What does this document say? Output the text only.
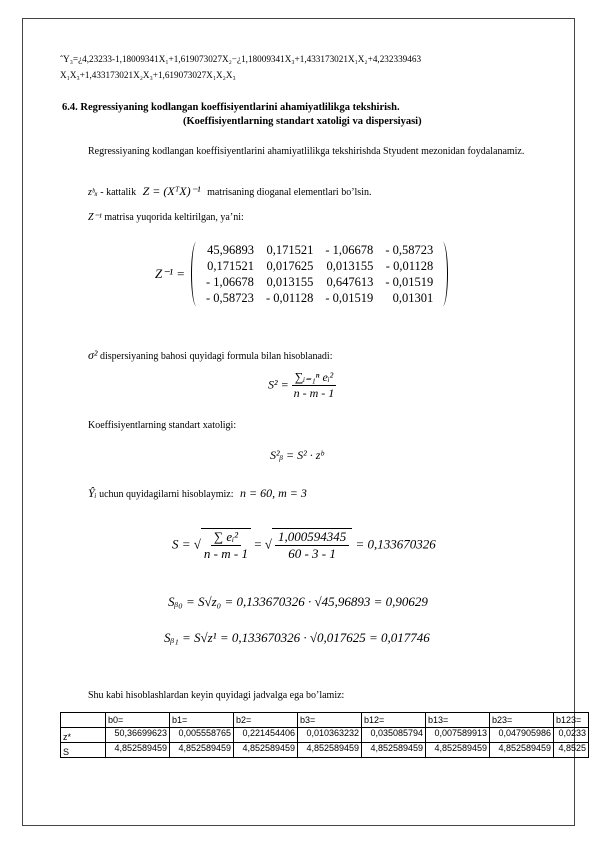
ˆY₃=¿4,23233-1,18009341X₁+1,619073027X₂−¿1,18009341X₃+1,433173021X₁X₂+4,232339463
X₁X₃+1,433173021X₂X₃+1,619073027X₁X₂X₃
6.4. Regressiyaning kodlangan koeffisiyentlarini ahamiyatlilikga tekshirish.
(Koeffisiyentlarning standart xatoligi va dispersiyasi)
Regressiyaning kodlangan koeffisiyentlarini ahamiyatlilikga tekshirishda Styudent mezonidan foydalanamiz.
zᵇᵢᵢ - kattalik Z = (XᵀX)⁻¹ matrisaning dioganal elementlari bo’lsin.
Z⁻¹ matrisa yuqorida keltirilgan, ya’ni:
Z⁻¹ =
45,96893	0,171521	- 1,06678	- 0,58723
0,171521	0,017625	0,013155	- 0,01128
- 1,06678	0,013155	0,647613	- 0,01519
- 0,58723	- 0,01128	- 0,01519	0,01301
σ² dispersiyaning bahosi quyidagi formula bilan hisoblanadi:
$S^2 = \frac{\text{∑ᵢ₌₁ⁿ eᵢ²}}{n - m - 1}$
Koeffisiyentlarning standart xatoligi:
S²ᵦ = S² · zᵇ
Ŷᵢ uchun quyidagilarni hisoblaymiz: n = 60, m = 3
S = √ $\frac{\text{∑ eᵢ²}}{n - m - 1}$ = √ $\frac{1,000594345}{60 - 3 - 1} = 0,133670326$
Sᵦ₀ = S√z₀ = 0,133670326 · √45,96893 = 0,90629
Sᵦ₁ = S√z¹ = 0,133670326 · √0,017625 = 0,017746
Shu kabi hisoblashlardan keyin quyidagi jadvalga ega bo’lamiz:
	b0=	b1=	b2=	b3=	b12=	b13=	b23=	b123=
z*	50,36699623	0,005558765	0,221454406	0,010363232	0,035085794	0,007589913	0,047905986	0,0233
S	4,852589459	4,852589459	4,852589459	4,852589459	4,852589459	4,852589459	4,852589459	4,8525
